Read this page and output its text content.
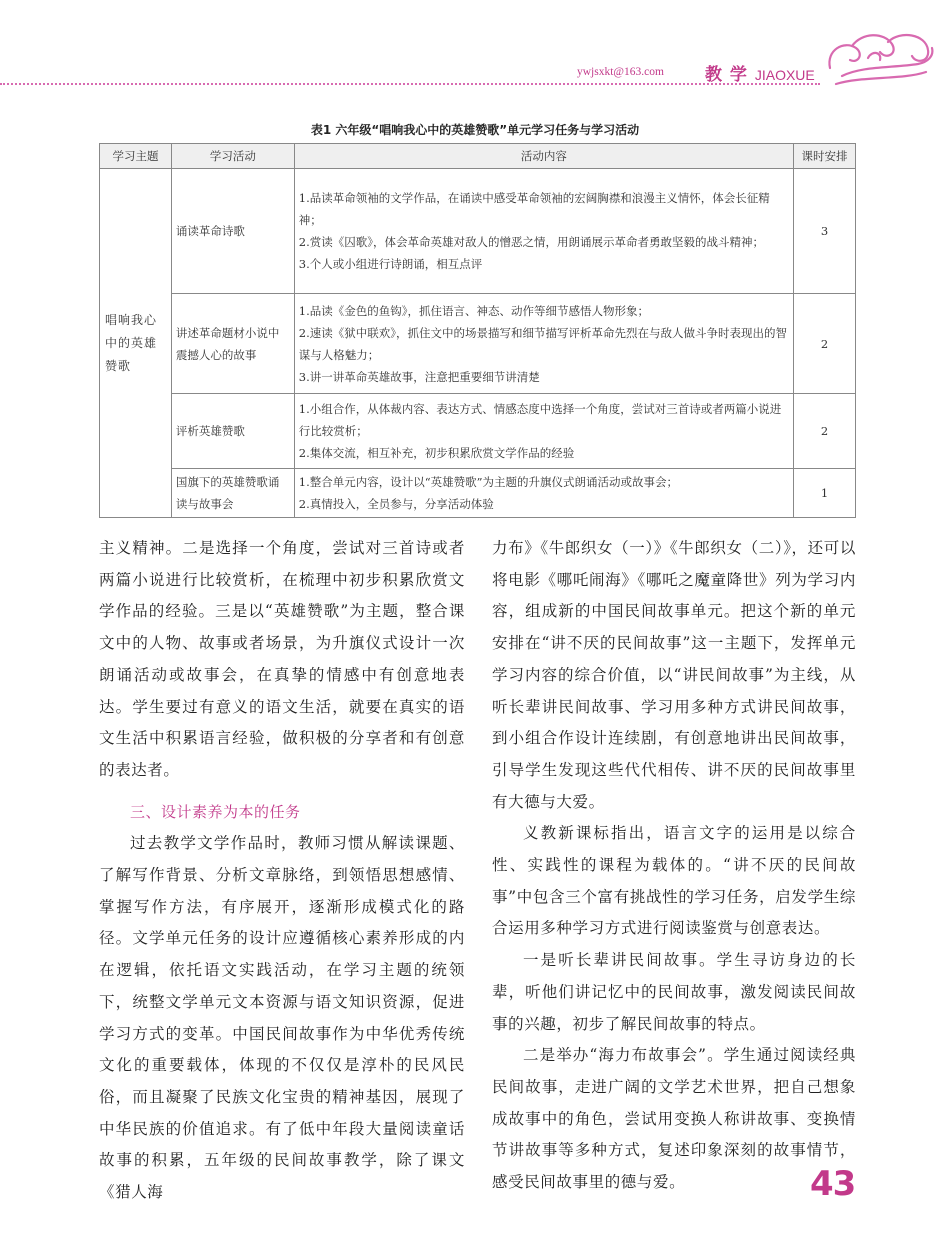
ywjsxkt@163.com 教 学 JIAOXUE
表1 六年级“唱响我心中的英雄赞歌”单元学习任务与学习活动
学习主题	学习活动	活动内容	课时安排
唱响我心中的英雄赞歌	诵读革命诗歌	1.品读革命领袖的文学作品，在诵读中感受革命领袖的宏阔胸襟和浪漫主义情怀，体会长征精神；
2.赏读《囚歌》，体会革命英雄对敌人的憎恶之情，用朗诵展示革命者勇敢坚毅的战斗精神；
3.个人或小组进行诗朗诵，相互点评	3
	讲述革命题材小说中震撼人心的故事	1.品读《金色的鱼钩》，抓住语言、神态、动作等细节感悟人物形象；
2.速读《狱中联欢》，抓住文中的场景描写和细节描写评析革命先烈在与敌人做斗争时表现出的智谋与人格魅力；
3.讲一讲革命英雄故事，注意把重要细节讲清楚	2
	评析英雄赞歌	1.小组合作，从体裁内容、表达方式、情感态度中选择一个角度，尝试对三首诗或者两篇小说进行比较赏析；
2.集体交流，相互补充，初步积累欣赏文学作品的经验	2
	国旗下的英雄赞歌诵读与故事会	1.整合单元内容，设计以“英雄赞歌”为主题的升旗仪式朗诵活动或故事会；
2.真情投入，全员参与，分享活动体验	1

主义精神。二是选择一个角度，尝试对三首诗或者两篇小说进行比较赏析，在梳理中初步积累欣赏文学作品的经验。三是以“英雄赞歌”为主题，整合课文中的人物、故事或者场景，为升旗仪式设计一次朗诵活动或故事会，在真挚的情感中有创意地表达。学生要过有意义的语文生活，就要在真实的语文生活中积累语言经验，做积极的分享者和有创意的表达者。

三、设计素养为本的任务

过去教学文学作品时，教师习惯从解读课题、了解写作背景、分析文章脉络，到领悟思想感情、掌握写作方法，有序展开，逐渐形成模式化的路径。文学单元任务的设计应遵循核心素养形成的内在逻辑，依托语文实践活动，在学习主题的统领下，统整文学单元文本资源与语文知识资源，促进学习方式的变革。中国民间故事作为中华优秀传统文化的重要载体，体现的不仅仅是淳朴的民风民俗，而且凝聚了民族文化宝贵的精神基因，展现了中华民族的价值追求。有了低中年段大量阅读童话故事的积累，五年级的民间故事教学，除了课文《猎人海

力布》《牛郎织女（一）》《牛郎织女（二）》，还可以将电影《哪吒闹海》《哪吒之魔童降世》列为学习内容，组成新的中国民间故事单元。把这个新的单元安排在“讲不厌的民间故事”这一主题下，发挥单元学习内容的综合价值，以“讲民间故事”为主线，从听长辈讲民间故事、学习用多种方式讲民间故事，到小组合作设计连续剧，有创意地讲出民间故事，引导学生发现这些代代相传、讲不厌的民间故事里有大德与大爱。

义教新课标指出，语言文字的运用是以综合性、实践性的课程为载体的。“讲不厌的民间故事”中包含三个富有挑战性的学习任务，启发学生综合运用多种学习方式进行阅读鉴赏与创意表达。

一是听长辈讲民间故事。学生寻访身边的长辈，听他们讲记忆中的民间故事，激发阅读民间故事的兴趣，初步了解民间故事的特点。

二是举办“海力布故事会”。学生通过阅读经典民间故事，走进广阔的文学艺术世界，把自己想象成故事中的角色，尝试用变换人称讲故事、变换情节讲故事等多种方式，复述印象深刻的故事情节，感受民间故事里的德与爱。	43
